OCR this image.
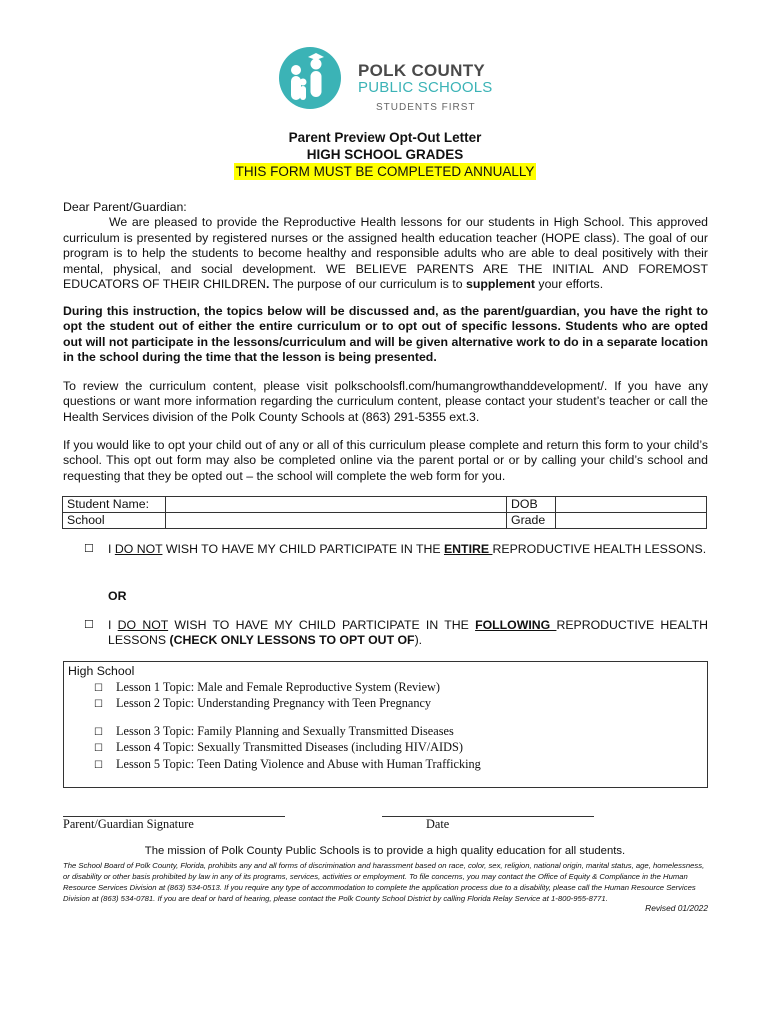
POLK COUNTY
PUBLIC SCHOOLS
STUDENTS FIRST
Parent Preview Opt-Out Letter
HIGH SCHOOL GRADES
THIS FORM MUST BE COMPLETED ANNUALLY
Dear Parent/Guardian:
We are pleased to provide the Reproductive Health lessons for our students in High School. This approved curriculum is presented by registered nurses or the assigned health education teacher (HOPE class). The goal of our program is to help the students to become healthy and responsible adults who are able to deal positively with their mental, physical, and social development. WE BELIEVE PARENTS ARE THE INITIAL AND FOREMOST EDUCATORS OF THEIR CHILDREN. The purpose of our curriculum is to supplement your efforts.
During this instruction, the topics below will be discussed and, as the parent/guardian, you have the right to opt the student out of either the entire curriculum or to opt out of specific lessons. Students who are opted out will not participate in the lessons/curriculum and will be given alternative work to do in a separate location in the school during the time that the lesson is being presented.
To review the curriculum content, please visit polkschoolsfl.com/humangrowthanddevelopment/. If you have any questions or want more information regarding the curriculum content, please contact your student’s teacher or call the Health Services division of the Polk County Schools at (863) 291-5355 ext.3.
If you would like to opt your child out of any or all of this curriculum please complete and return this form to your child’s school. This opt out form may also be completed online via the parent portal or or by calling your child’s school and requesting that they be opted out – the school will complete the web form for you.
Student Name:		DOB	
School		Grade	
☐ I DO NOT WISH TO HAVE MY CHILD PARTICIPATE IN THE ENTIRE REPRODUCTIVE HEALTH LESSONS.
OR
☐ I DO NOT WISH TO HAVE MY CHILD PARTICIPATE IN THE FOLLOWING REPRODUCTIVE HEALTH LESSONS (CHECK ONLY LESSONS TO OPT OUT OF).
High School
☐ Lesson 1 Topic: Male and Female Reproductive System (Review)
☐ Lesson 2 Topic: Understanding Pregnancy with Teen Pregnancy
☐ Lesson 3 Topic: Family Planning and Sexually Transmitted Diseases
☐ Lesson 4 Topic: Sexually Transmitted Diseases (including HIV/AIDS)
☐ Lesson 5 Topic: Teen Dating Violence and Abuse with Human Trafficking
Parent/Guardian Signature	Date
The mission of Polk County Public Schools is to provide a high quality education for all students.
The School Board of Polk County, Florida, prohibits any and all forms of discrimination and harassment based on race, color, sex, religion, national origin, marital status, age, homelessness, or disability or other basis prohibited by law in any of its programs, services, activities or employment. To file concerns, you may contact the Office of Equity & Compliance in the Human Resource Services Division at (863) 534-0513. If you require any type of accommodation to complete the application process due to a disability, please call the Human Resource Services Division at (863) 534-0781. If you are deaf or hard of hearing, please contact the Polk County School District by calling Florida Relay Service at 1-800-955-8771.
Revised 01/2022
